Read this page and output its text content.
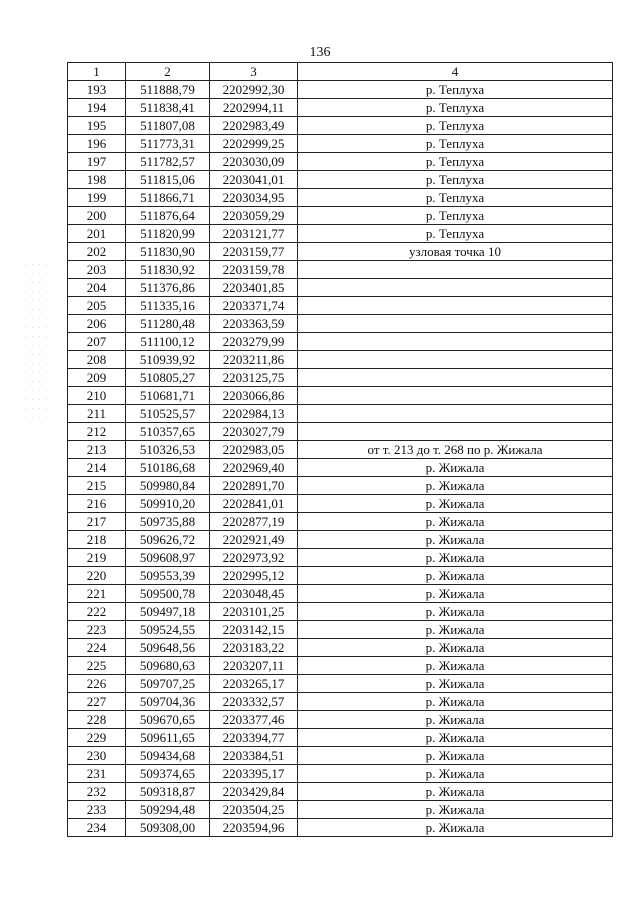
136
1	2	3	4
193	511888,79	2202992,30	р. Теплуха
194	511838,41	2202994,11	р. Теплуха
195	511807,08	2202983,49	р. Теплуха
196	511773,31	2202999,25	р. Теплуха
197	511782,57	2203030,09	р. Теплуха
198	511815,06	2203041,01	р. Теплуха
199	511866,71	2203034,95	р. Теплуха
200	511876,64	2203059,29	р. Теплуха
201	511820,99	2203121,77	р. Теплуха
202	511830,90	2203159,77	узловая точка 10
203	511830,92	2203159,78	
204	511376,86	2203401,85	
205	511335,16	2203371,74	
206	511280,48	2203363,59	
207	511100,12	2203279,99	
208	510939,92	2203211,86	
209	510805,27	2203125,75	
210	510681,71	2203066,86	
211	510525,57	2202984,13	
212	510357,65	2203027,79	
213	510326,53	2202983,05	от т. 213 до т. 268 по р. Жижала
214	510186,68	2202969,40	р. Жижала
215	509980,84	2202891,70	р. Жижала
216	509910,20	2202841,01	р. Жижала
217	509735,88	2202877,19	р. Жижала
218	509626,72	2202921,49	р. Жижала
219	509608,97	2202973,92	р. Жижала
220	509553,39	2202995,12	р. Жижала
221	509500,78	2203048,45	р. Жижала
222	509497,18	2203101,25	р. Жижала
223	509524,55	2203142,15	р. Жижала
224	509648,56	2203183,22	р. Жижала
225	509680,63	2203207,11	р. Жижала
226	509707,25	2203265,17	р. Жижала
227	509704,36	2203332,57	р. Жижала
228	509670,65	2203377,46	р. Жижала
229	509611,65	2203394,77	р. Жижала
230	509434,68	2203384,51	р. Жижала
231	509374,65	2203395,17	р. Жижала
232	509318,87	2203429,84	р. Жижала
233	509294,48	2203504,25	р. Жижала
234	509308,00	2203594,96	р. Жижала
